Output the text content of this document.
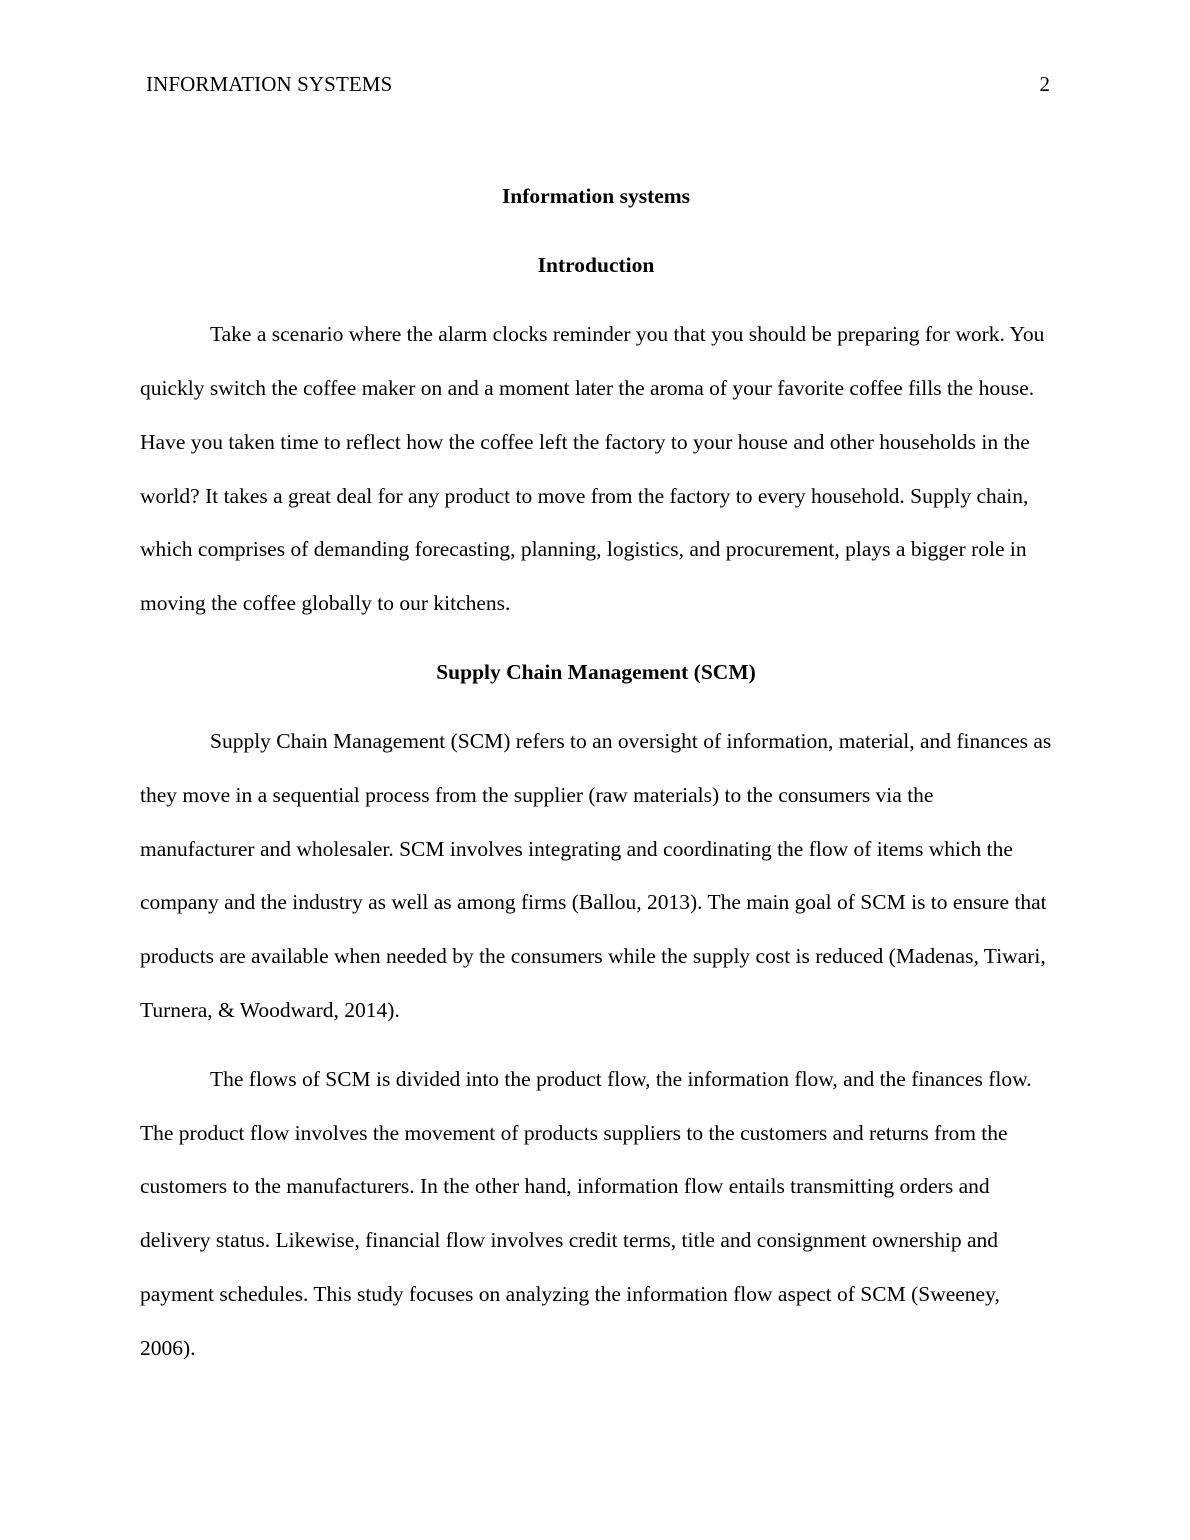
INFORMATION SYSTEMS	2
Information systems
Introduction

Take a scenario where the alarm clocks reminder you that you should be preparing for work. You quickly switch the coffee maker on and a moment later the aroma of your favorite coffee fills the house. Have you taken time to reflect how the coffee left the factory to your house and other households in the world? It takes a great deal for any product to move from the factory to every household. Supply chain, which comprises of demanding forecasting, planning, logistics, and procurement, plays a bigger role in moving the coffee globally to our kitchens.

Supply Chain Management (SCM)

Supply Chain Management (SCM) refers to an oversight of information, material, and finances as they move in a sequential process from the supplier (raw materials) to the consumers via the manufacturer and wholesaler. SCM involves integrating and coordinating the flow of items which the company and the industry as well as among firms (Ballou, 2013). The main goal of SCM is to ensure that products are available when needed by the consumers while the supply cost is reduced (Madenas, Tiwari, Turnera, & Woodward, 2014).

The flows of SCM is divided into the product flow, the information flow, and the finances flow. The product flow involves the movement of products suppliers to the customers and returns from the customers to the manufacturers. In the other hand, information flow entails transmitting orders and delivery status. Likewise, financial flow involves credit terms, title and consignment ownership and payment schedules. This study focuses on analyzing the information flow aspect of SCM (Sweeney, 2006).
